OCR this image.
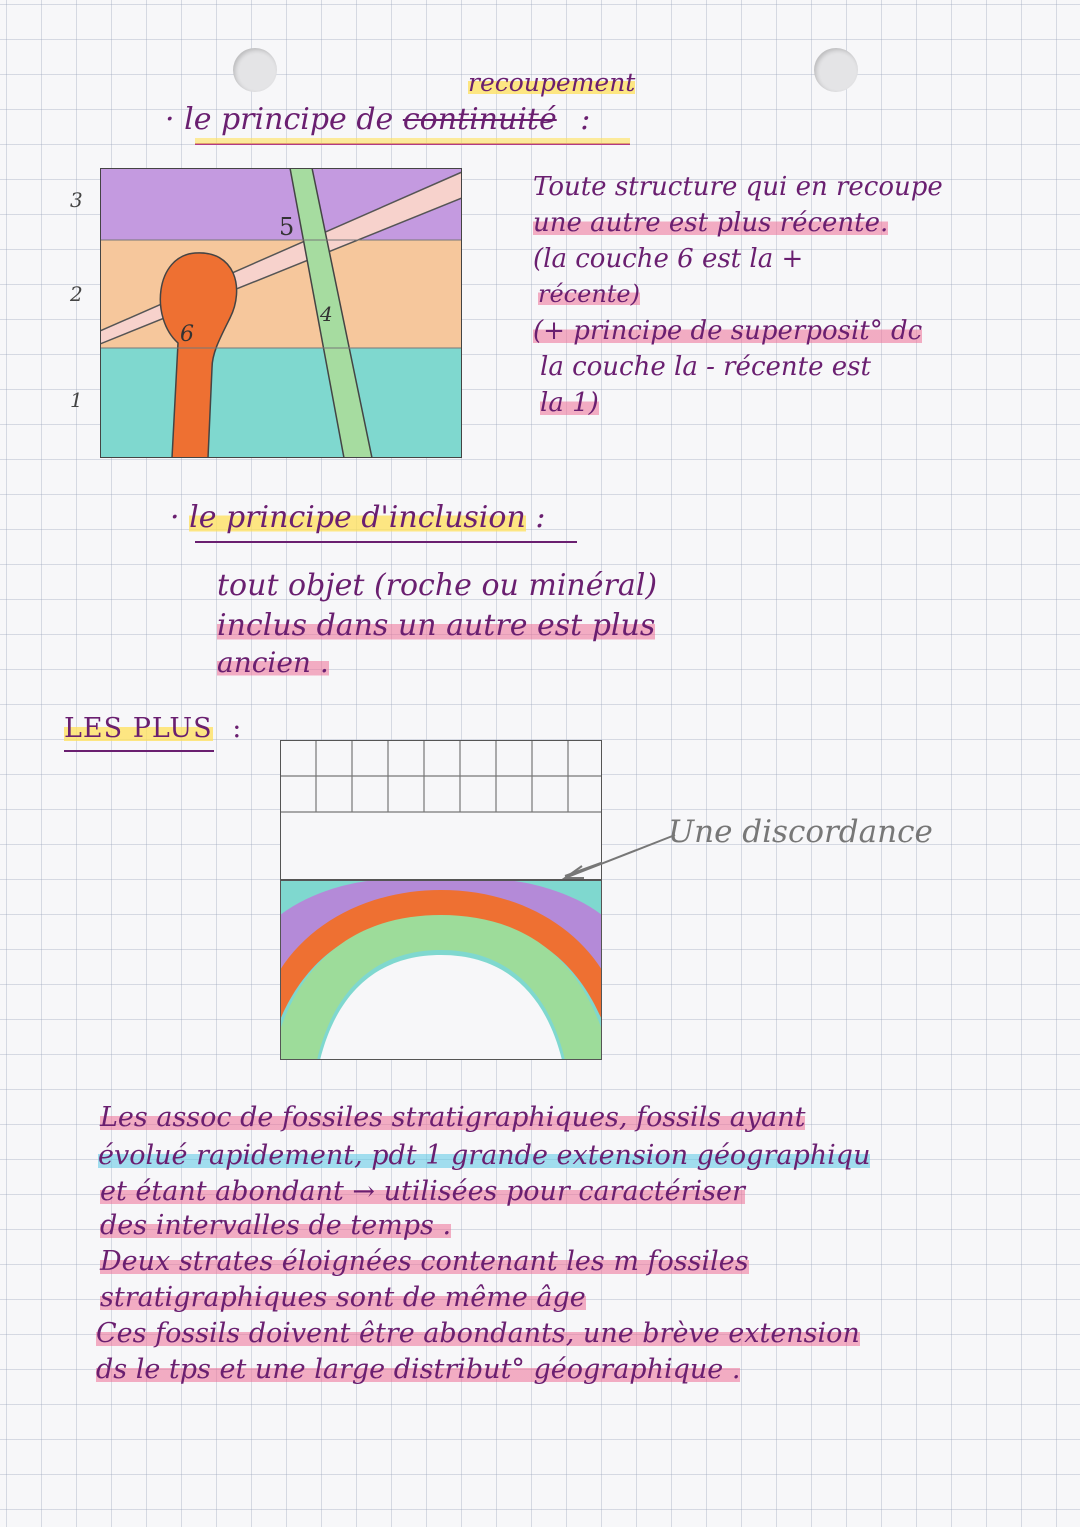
recoupement
· le principe de continuité :
3
2
1
5
4
6
Toute structure qui en recoupe
une autre est plus récente.
(la couche 6 est la +
récente)
(+ principe de superposit° dc
la couche la - récente est
la 1)
· le principe d'inclusion :
tout objet (roche ou minéral)
inclus dans un autre est plus
ancien .
LES PLUS :
Une discordance
Les assoc de fossiles stratigraphiques, fossils ayant
évolué rapidement, pdt 1 grande extension géographiqu
et étant abondant → utilisées pour caractériser
des intervalles de temps .
Deux strates éloignées contenant les m fossiles
stratigraphiques sont de même âge
Ces fossils doivent être abondants, une brève extension
ds le tps et une large distribut° géographique .
